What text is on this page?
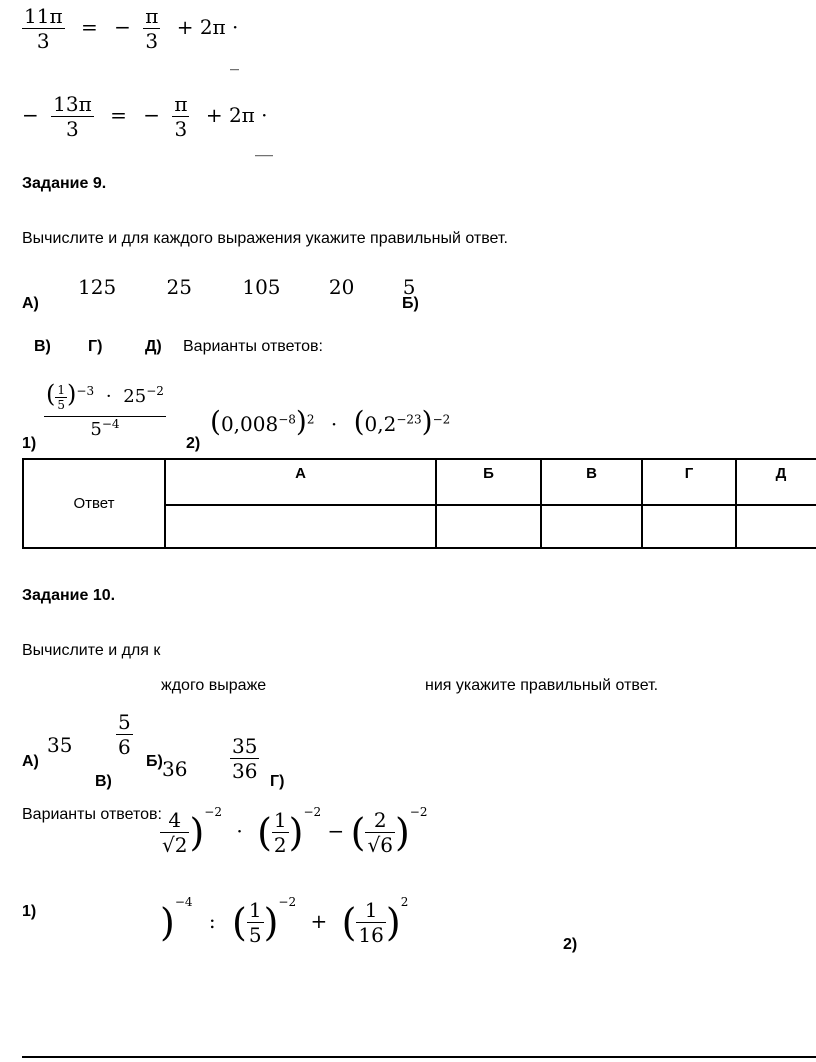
$\frac{11\pi}{3}$ = − $\frac{\pi}{3} + 2\pi$ ·
_
− $\frac{13\pi}{3}$ = − $\frac{\pi}{3} + 2\pi$ ·
__
Задание 9.
Вычислите и для каждого выражения укажите правильный ответ.
125	25	105 20 5
А)	Б)
В) Г)	Д) Варианты ответов:
$\frac{( \frac{1}{5} )^{-3} \cdot 25^{-2}}{5^{-4}}$
1)
$(0,008^{-8})^2 \cdot (0,2^{-23})^{-2}$
2)
Ответ
А	Б	В	Г	Д
Задание 10.
Вычислите и для к
ждого выраже	ния укажите правильный ответ.
$35 \frac{5}{6}$
А)	Б) $36 \frac{35}{36}$
В)	Г)
Варианты ответов:
$\frac{4}{√2} )^{-2}$ · ( $\frac{1}{2} )^{-2}$ − ( $\frac{2}{√6} )^{-2}$
1)	)$^{-4}$ : ( $\frac{1}{5} )^{-2}$ + ( $\frac{1}{16} )^2$
2)
